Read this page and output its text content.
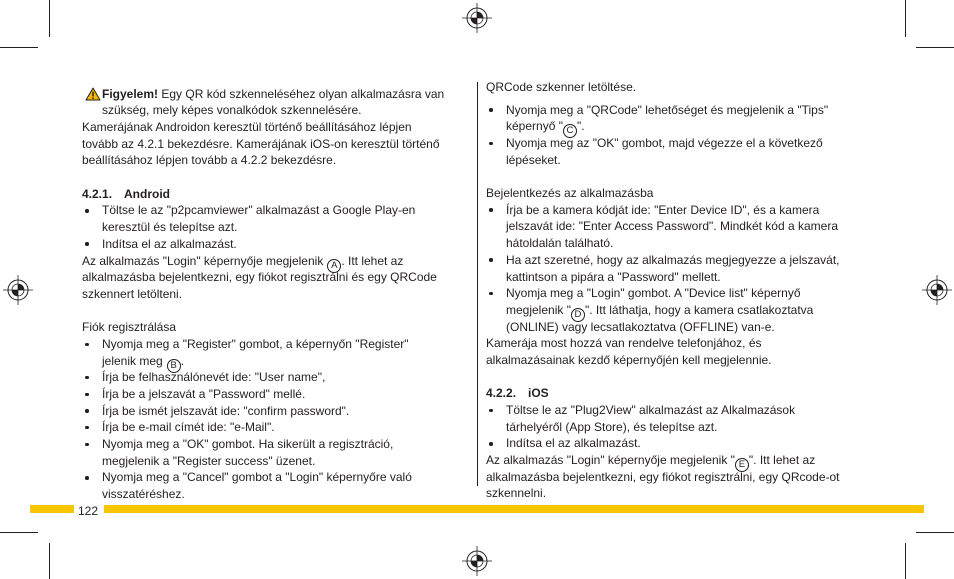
Figyelem! Egy QR kód szkenneléséhez olyan alkalmazásra van
szükség, mely képes vonalkódok szkennelésére.
Kamerájának Androidon keresztül történő beállításához lépjen
tovább az 4.2.1 bekezdésre. Kamerájának iOS-on keresztül történő
beállításához lépjen tovább a 4.2.2 bekezdésre.
4.2.1. Android
Töltse le az "p2pcamviewer" alkalmazást a Google Play-en
keresztül és telepítse azt.
Indítsa el az alkalmazást.
Az alkalmazás "Login" képernyője megjelenik A . Itt lehet az
alkalmazásba bejelentkezni, egy fiókot regisztrálni és egy QRCode
szkennert letölteni.
Fiók regisztrálása
Nyomja meg a "Register" gombot, a képernyőn "Register"
jelenik meg B .
Írja be felhasználónevét ide: "User name",
Írja be a jelszavát a "Password" mellé.
Írja be ismét jelszavát ide: "confirm password".
Írja be e-mail címét ide: "e-Mail".
Nyomja meg a "OK" gombot. Ha sikerült a regisztráció,
megjelenik a "Register success" üzenet.
Nyomja meg a "Cancel" gombot a "Login" képernyőre való
visszatéréshez.
QRCode szkenner letöltése.
Nyomja meg a "QRCode" lehetőséget és megjelenik a "Tips"
képernyő " C ".
Nyomja meg az "OK" gombot, majd végezze el a következő
lépéseket.
Bejelentkezés az alkalmazásba
Írja be a kamera kódját ide: "Enter Device ID", és a kamera
jelszavát ide: "Enter Access Password". Mindkét kód a kamera
hátoldalán található.
Ha azt szeretné, hogy az alkalmazás megjegyezze a jelszavát,
kattintson a pipára a "Password" mellett.
Nyomja meg a "Login" gombot. A "Device list" képernyő
megjelenik " D ". Itt láthatja, hogy a kamera csatlakoztatva
(ONLINE) vagy lecsatlakoztatva (OFFLINE) van-e.
Kamerája most hozzá van rendelve telefonjához, és
alkalmazásainak kezdő képernyőjén kell megjelennie.
4.2.2. iOS
Töltse le az "Plug2View" alkalmazást az Alkalmazások
tárhelyéről (App Store), és telepítse azt.
Indítsa el az alkalmazást.
Az alkalmazás "Login" képernyője megjelenik " E ". Itt lehet az
alkalmazásba bejelentkezni, egy fiókot regisztrálni, egy QRcode-ot
szkennelni.
122
